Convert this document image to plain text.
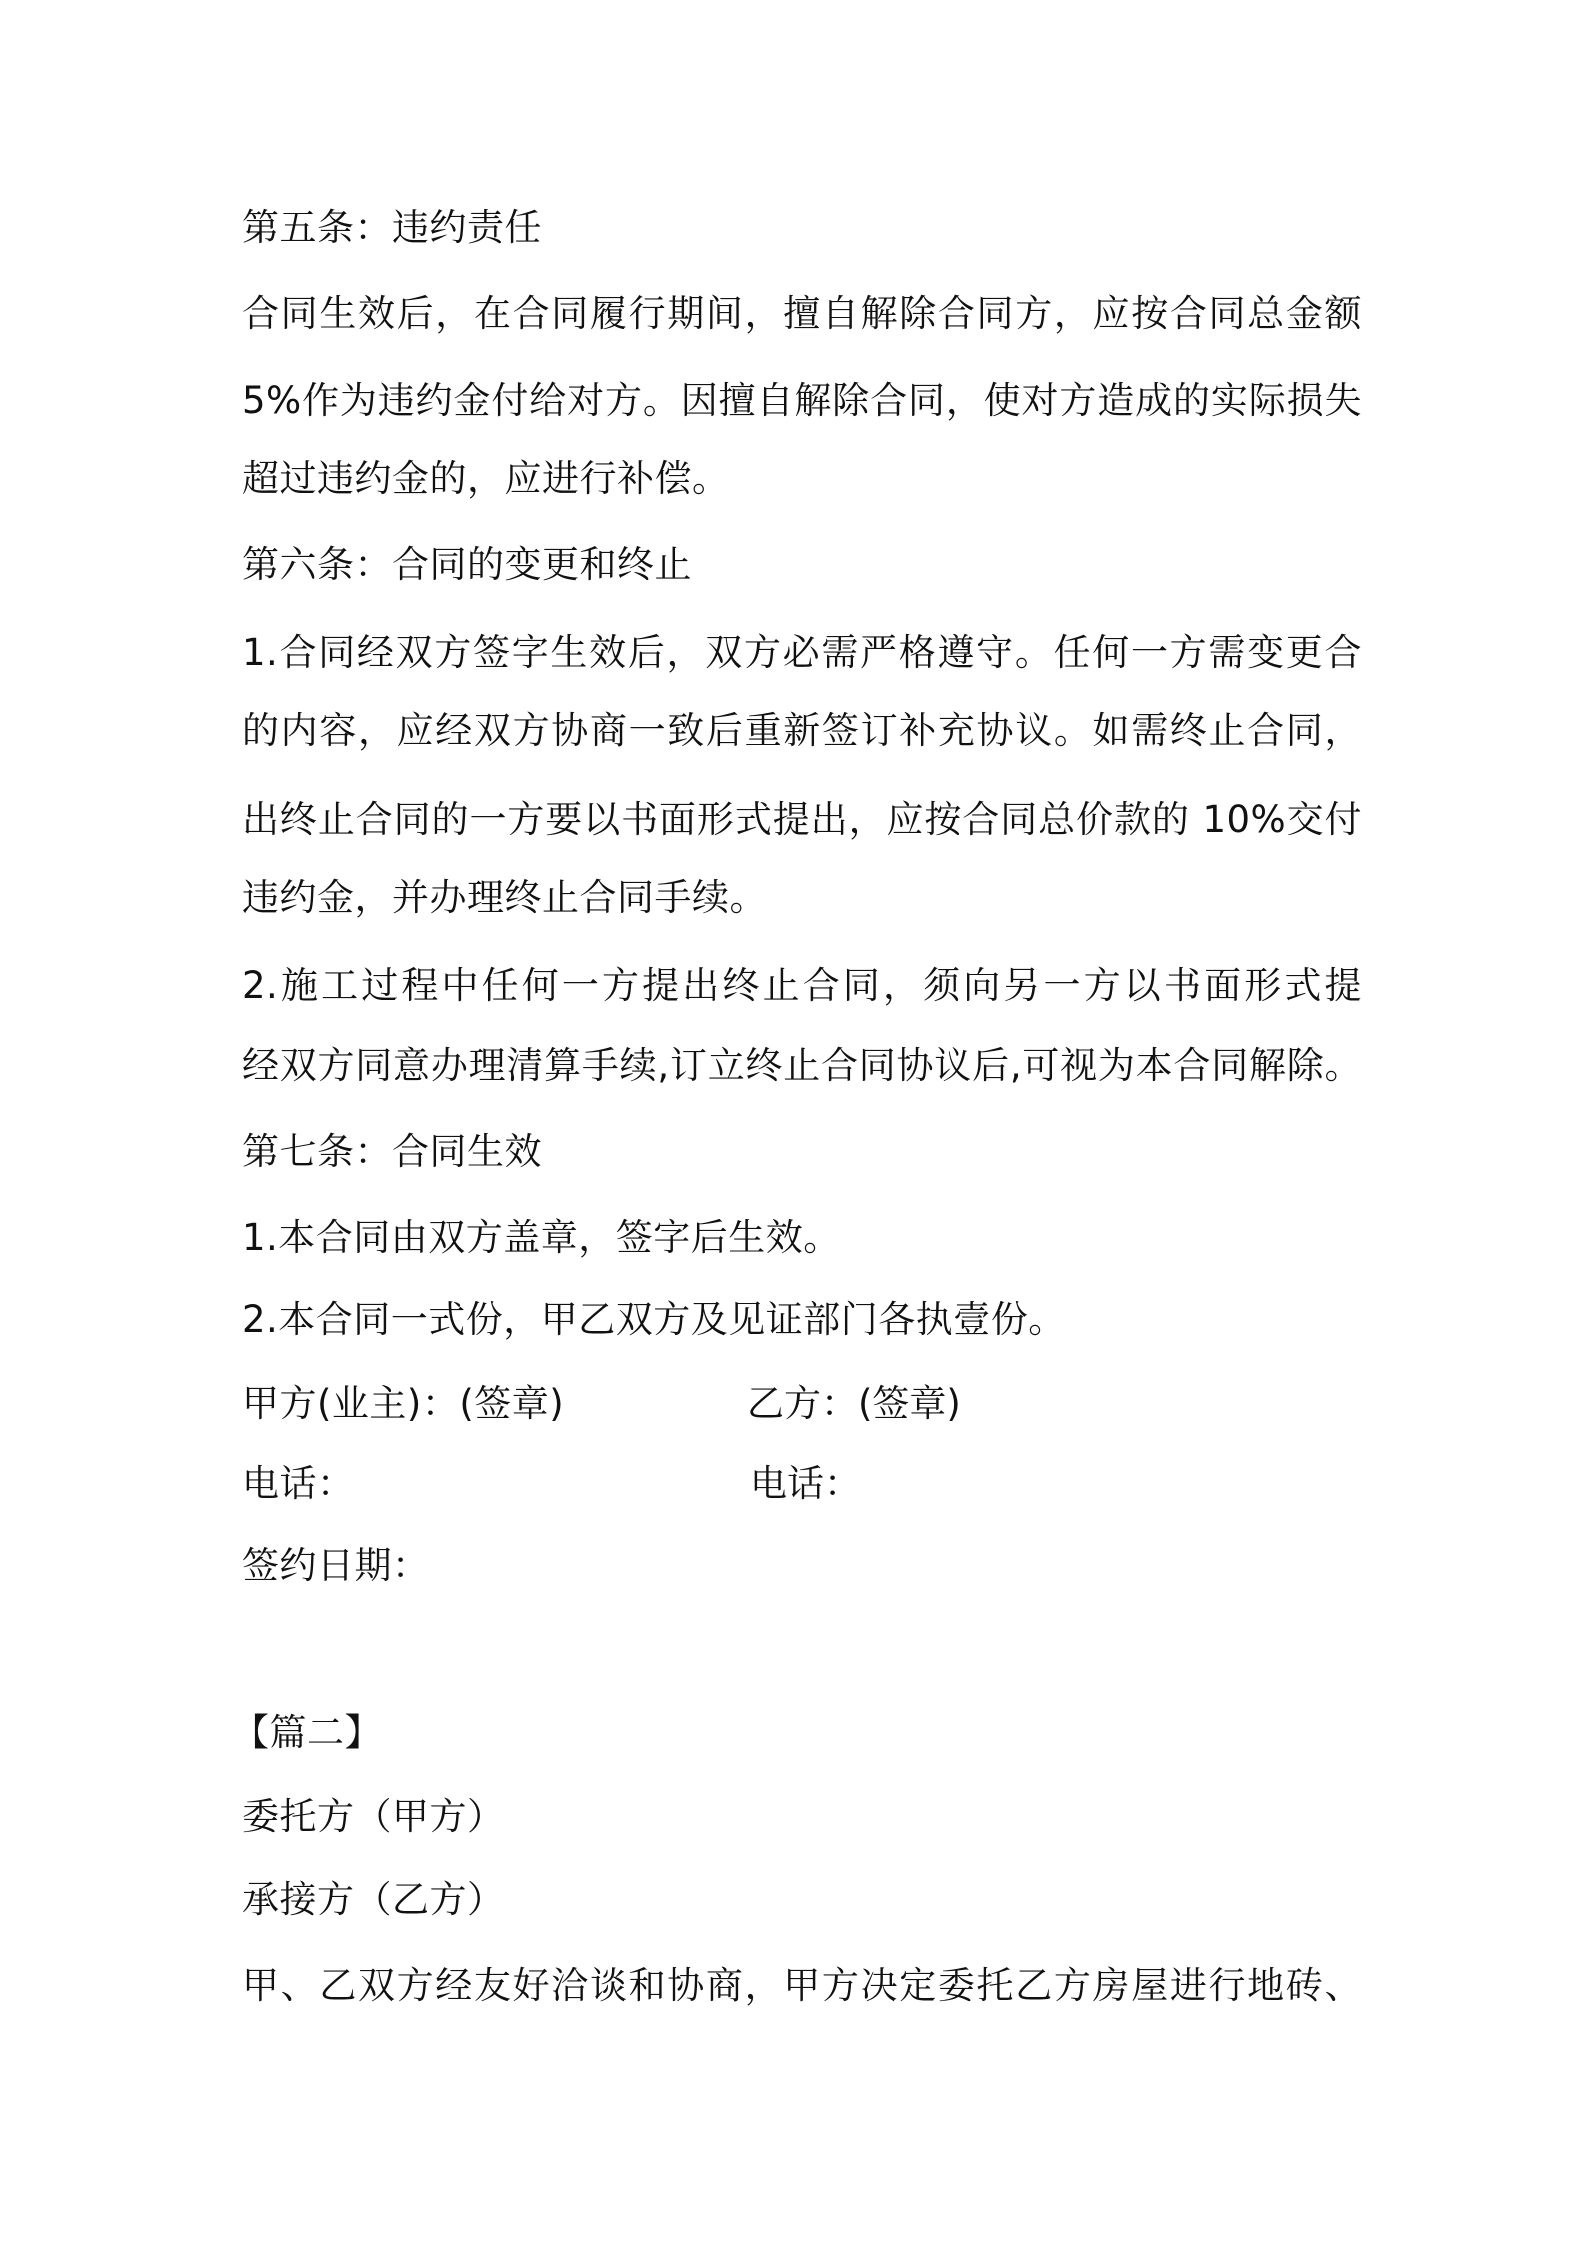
第五条：违约责任
合同生效后，在合同履行期间，擅自解除合同方，应按合同总金额
5%作为违约金付给对方。因擅自解除合同，使对方造成的实际损失
超过违约金的，应进行补偿。
第六条：合同的变更和终止
1.合同经双方签字生效后，双方必需严格遵守。任何一方需变更合
的内容，应经双方协商一致后重新签订补充协议。如需终止合同，
出终止合同的一方要以书面形式提出，应按合同总价款的 10%交付
违约金，并办理终止合同手续。
2.施工过程中任何一方提出终止合同，须向另一方以书面形式提
经双方同意办理清算手续,订立终止合同协议后,可视为本合同解除。
第七条：合同生效
1.本合同由双方盖章，签字后生效。
2.本合同一式份，甲乙双方及见证部门各执壹份。
甲方(业主)：(签章)	乙方：(签章)
电话：	电话：
签约日期：
【篇二】
委托方（甲方）
承接方（乙方）
甲、乙双方经友好洽谈和协商，甲方决定委托乙方房屋进行地砖、
